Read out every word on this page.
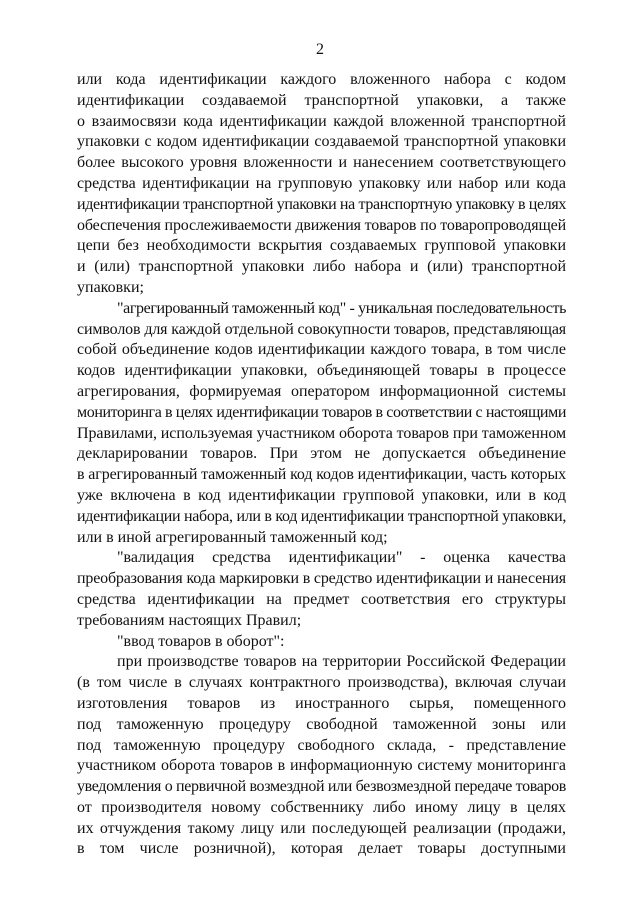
2
или кода идентификации каждого вложенного набора с кодом
идентификации создаваемой транспортной упаковки, а также
о взаимосвязи кода идентификации каждой вложенной транспортной
упаковки с кодом идентификации создаваемой транспортной упаковки
более высокого уровня вложенности и нанесением соответствующего
средства идентификации на групповую упаковку или набор или кода
идентификации транспортной упаковки на транспортную упаковку в целях
обеспечения прослеживаемости движения товаров по товаропроводящей
цепи без необходимости вскрытия создаваемых групповой упаковки
и (или) транспортной упаковки либо набора и (или) транспортной
упаковки;
"агрегированный таможенный код" - уникальная последовательность
символов для каждой отдельной совокупности товаров, представляющая
собой объединение кодов идентификации каждого товара, в том числе
кодов идентификации упаковки, объединяющей товары в процессе
агрегирования, формируемая оператором информационной системы
мониторинга в целях идентификации товаров в соответствии с настоящими
Правилами, используемая участником оборота товаров при таможенном
декларировании товаров. При этом не допускается объединение
в агрегированный таможенный код кодов идентификации, часть которых
уже включена в код идентификации групповой упаковки, или в код
идентификации набора, или в код идентификации транспортной упаковки,
или в иной агрегированный таможенный код;
"валидация средства идентификации" - оценка качества
преобразования кода маркировки в средство идентификации и нанесения
средства идентификации на предмет соответствия его структуры
требованиям настоящих Правил;
"ввод товаров в оборот":
при производстве товаров на территории Российской Федерации
(в том числе в случаях контрактного производства), включая случаи
изготовления товаров из иностранного сырья, помещенного
под таможенную процедуру свободной таможенной зоны или
под таможенную процедуру свободного склада, - представление
участником оборота товаров в информационную систему мониторинга
уведомления о первичной возмездной или безвозмездной передаче товаров
от производителя новому собственнику либо иному лицу в целях
их отчуждения такому лицу или последующей реализации (продажи,
в том числе розничной), которая делает товары доступными
